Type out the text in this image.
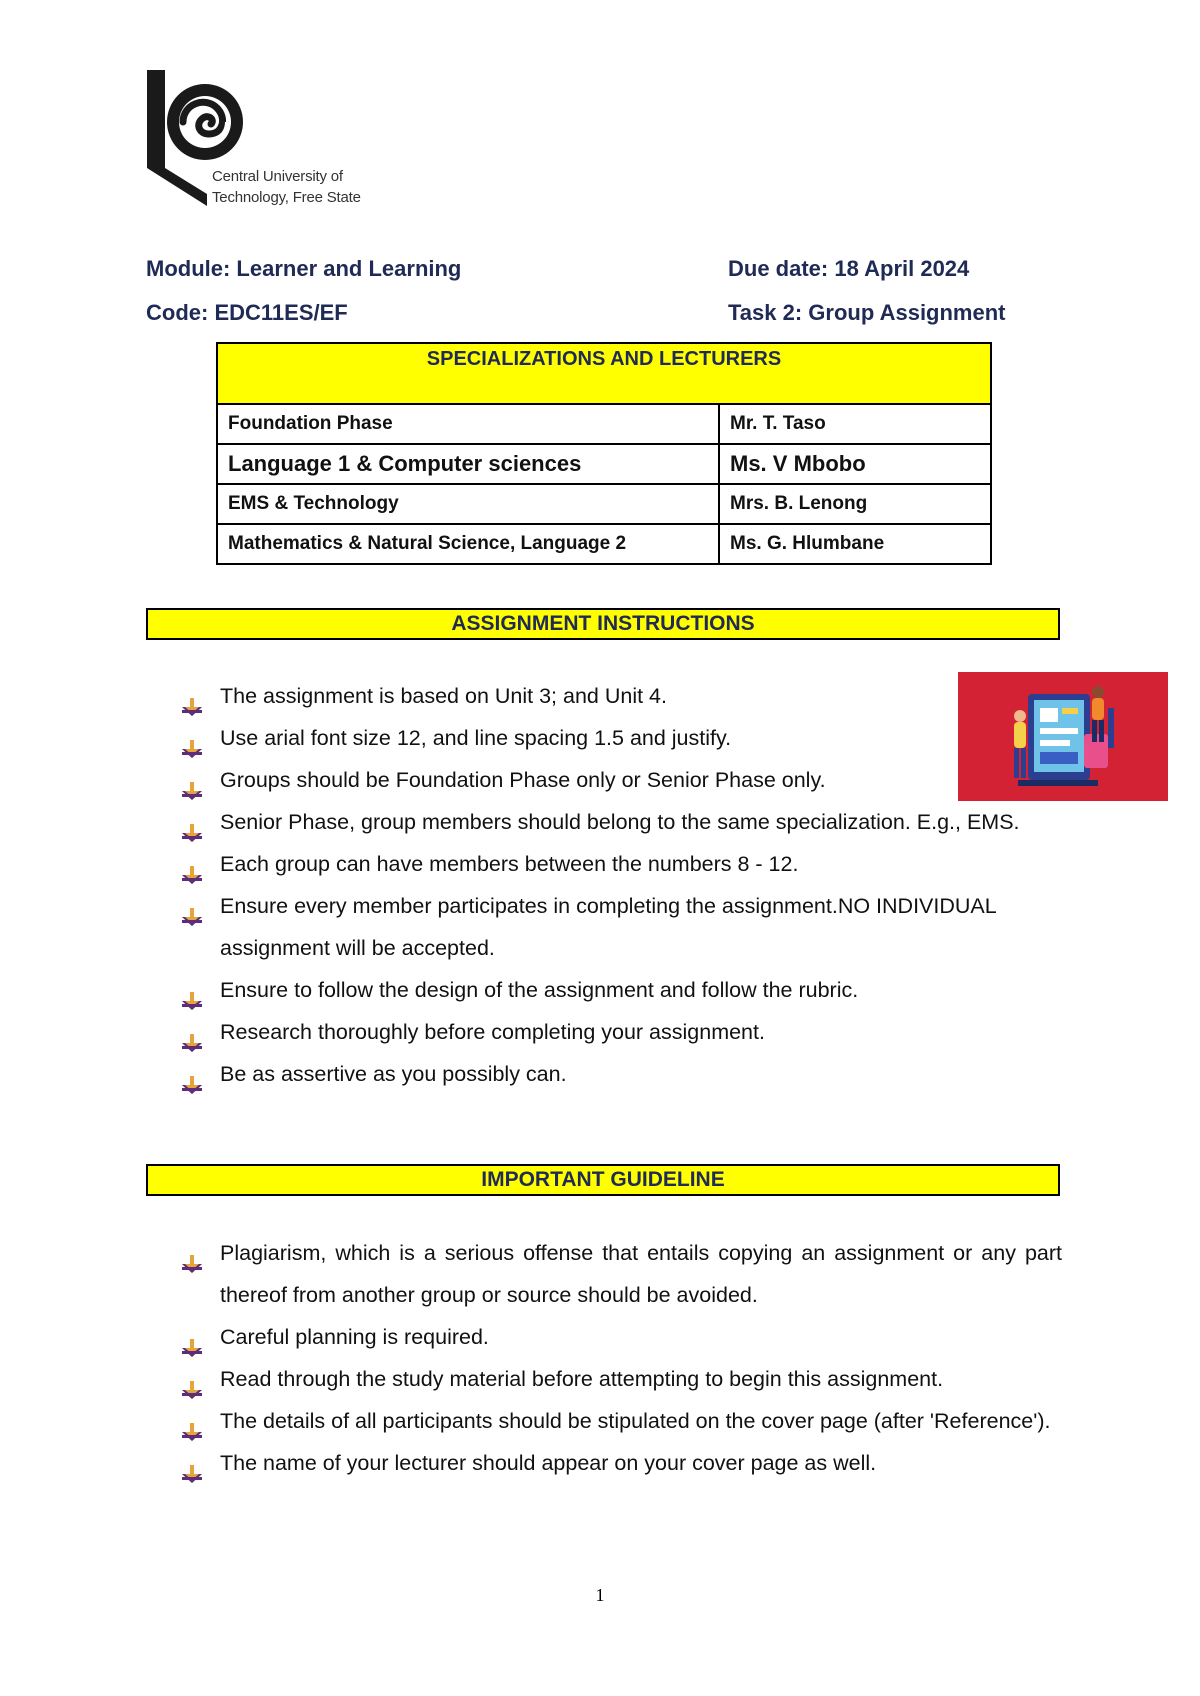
Central University of
Technology, Free State
Module: Learner and Learning	Due date: 18 April 2024
Code: EDC11ES/EF	Task 2: Group Assignment
SPECIALIZATIONS AND LECTURERS	
Foundation Phase	Mr. T. Taso
Language 1 & Computer sciences	Ms. V Mbobo
EMS & Technology	Mrs. B. Lenong
Mathematics & Natural Science, Language 2	Ms. G. Hlumbane
ASSIGNMENT INSTRUCTIONS
The assignment is based on Unit 3; and Unit 4.
Use arial font size 12, and line spacing 1.5 and justify.
Groups should be Foundation Phase only or Senior Phase only.
Senior Phase, group members should belong to the same specialization. E.g., EMS.
Each group can have members between the numbers 8 - 12.
Ensure every member participates in completing the assignment.NO INDIVIDUAL assignment will be accepted.
Ensure to follow the design of the assignment and follow the rubric.
Research thoroughly before completing your assignment.
Be as assertive as you possibly can.
IMPORTANT GUIDELINE
Plagiarism, which is a serious offense that entails copying an assignment or any part thereof from another group or source should be avoided.
Careful planning is required.
Read through the study material before attempting to begin this assignment.
The details of all participants should be stipulated on the cover page (after 'Reference').
The name of your lecturer should appear on your cover page as well.
1
